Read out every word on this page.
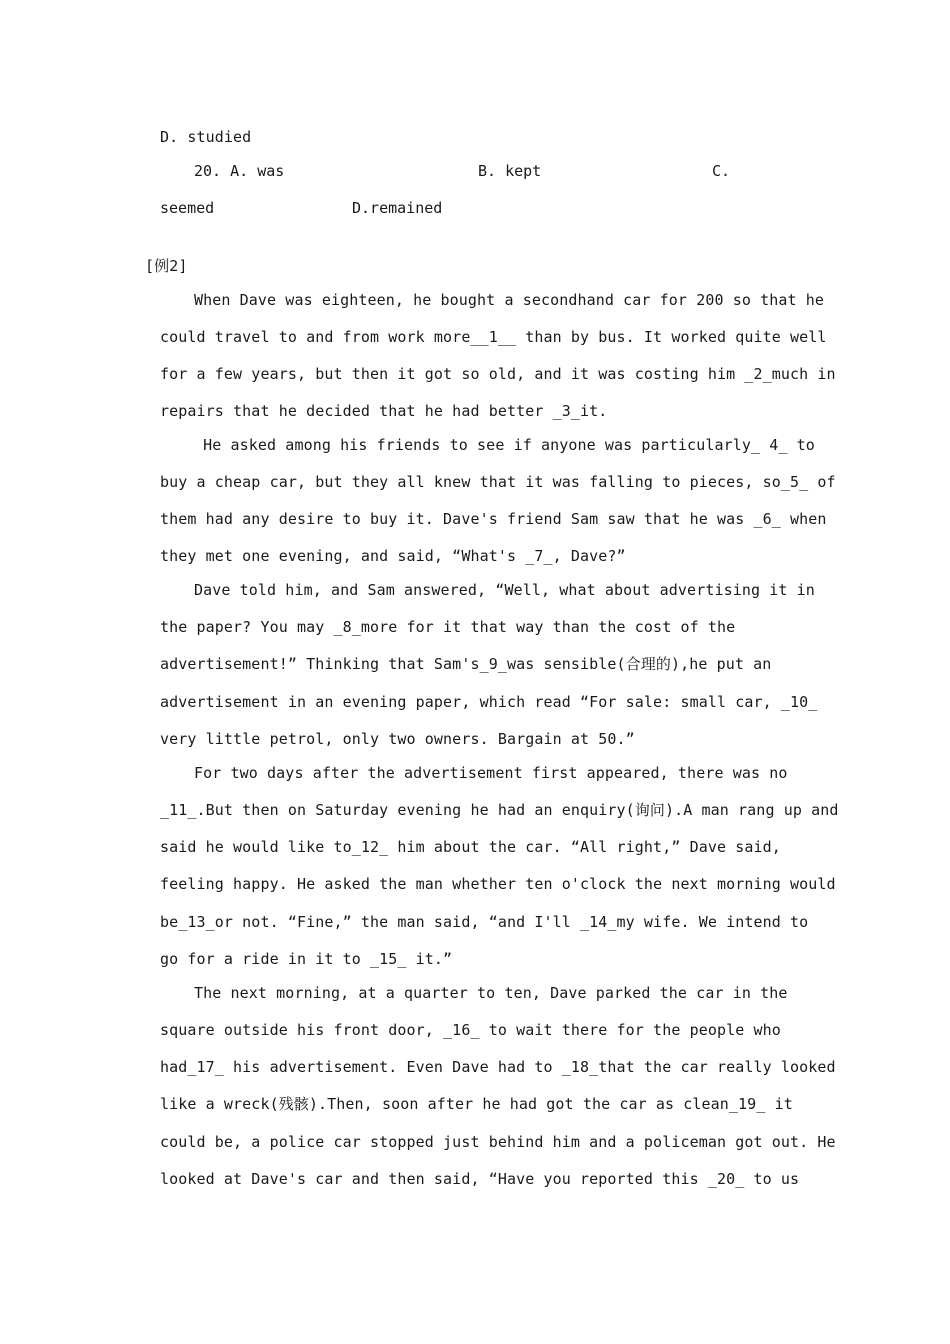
D. studied
20. A. was	B. kept	C.
seemed	D.remained
[例2]
When Dave was eighteen, he bought a secondhand car for 200 so that he
could travel to and from work more__1__ than by bus. It worked quite well
for a few years, but then it got so old, and it was costing him _2_much in
repairs that he decided that he had better _3_it.
He asked among his friends to see if anyone was particularly_ 4_ to
buy a cheap car, but they all knew that it was falling to pieces, so_5_ of
them had any desire to buy it. Dave's friend Sam saw that he was _6_ when
they met one evening, and said, “What's _7_, Dave?”
Dave told him, and Sam answered, “Well, what about advertising it in
the paper? You may _8_more for it that way than the cost of the
advertisement!” Thinking that Sam's_9_was sensible(合理的),he put an
advertisement in an evening paper, which read “For sale: small car, _10_
very little petrol, only two owners. Bargain at 50.”
For two days after the advertisement first appeared, there was no
_11_.But then on Saturday evening he had an enquiry(询问).A man rang up and
said he would like to_12_ him about the car. “All right,” Dave said,
feeling happy. He asked the man whether ten o'clock the next morning would
be_13_or not. “Fine,” the man said, “and I'll _14_my wife. We intend to
go for a ride in it to _15_ it.”
The next morning, at a quarter to ten, Dave parked the car in the
square outside his front door, _16_ to wait there for the people who
had_17_ his advertisement. Even Dave had to _18_that the car really looked
like a wreck(残骸).Then, soon after he had got the car as clean_19_ it
could be, a police car stopped just behind him and a policeman got out. He
looked at Dave's car and then said, “Have you reported this _20_ to us
